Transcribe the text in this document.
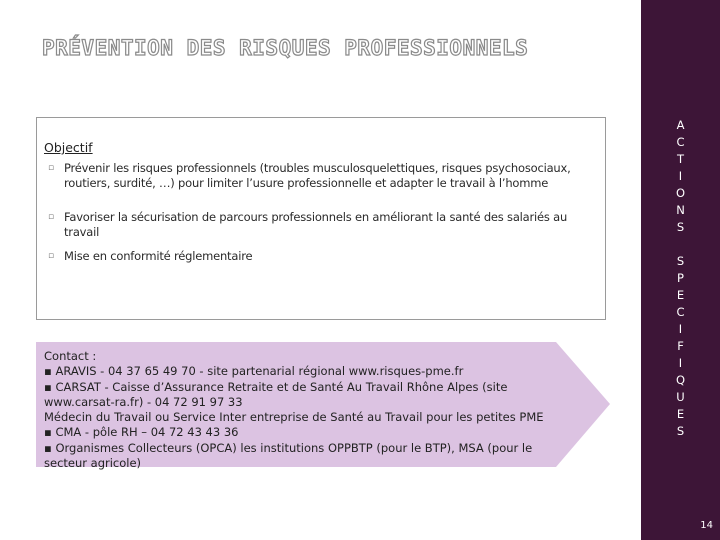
PRÉVENTION DES RISQUES PROFESSIONNELS
Objectif
▫ Prévenir les risques professionnels (troubles musculosquelettiques, risques psychosociaux, routiers, surdité, …) pour limiter l’usure professionnelle et adapter le travail à l’homme
▫ Favoriser la sécurisation de parcours professionnels en améliorant la santé des salariés au travail
▫ Mise en conformité réglementaire
Contact :
▪ ARAVIS - 04 37 65 49 70 - site partenarial régional www.risques-pme.fr
▪ CARSAT - Caisse d’Assurance Retraite et de Santé Au Travail Rhône Alpes (site
www.carsat-ra.fr) - 04 72 91 97 33
Médecin du Travail ou Service Inter entreprise de Santé au Travail pour les petites PME
▪ CMA - pôle RH – 04 72 43 43 36
▪ Organismes Collecteurs (OPCA) les institutions OPPBTP (pour le BTP), MSA (pour le
secteur agricole)
A
C
T
I
O
N
S
S
P
E
C
I
F
I
Q
U
E
S
14
